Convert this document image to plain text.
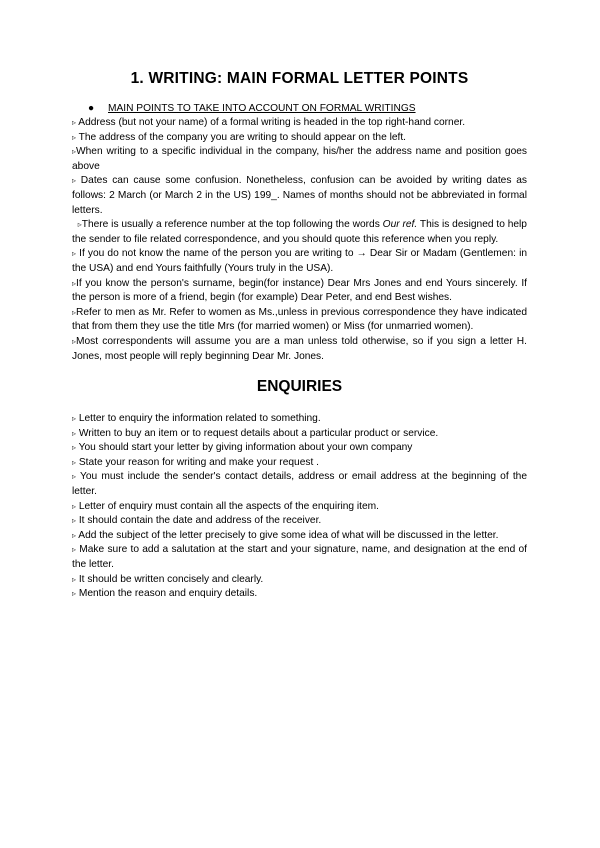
1. WRITING: MAIN FORMAL LETTER POINTS
● MAIN POINTS TO TAKE INTO ACCOUNT ON FORMAL WRITINGS

▹ Address (but not your name) of a formal writing is headed in the top right-hand corner.

▹ The address of the company you are writing to should appear on the left.

▹When writing to a specific individual in the company, his/her the address name and position goes above

▹ Dates can cause some confusion. Nonetheless, confusion can be avoided by writing dates as follows: 2 March (or March 2 in the US) 199_. Names of months should not be abbreviated in formal letters.

▹There is usually a reference number at the top following the words Our ref. This is designed to help the sender to file related correspondence, and you should quote this reference when you reply.

▹ If you do not know the name of the person you are writing to → Dear Sir or Madam (Gentlemen: in the USA) and end Yours faithfully (Yours truly in the USA).

▹If you know the person's surname, begin(for instance) Dear Mrs Jones and end Yours sincerely. If the person is more of a friend, begin (for example) Dear Peter, and end Best wishes.

▹Refer to men as Mr. Refer to women as Ms.,unless in previous correspondence they have indicated that from them they use the title Mrs (for married women) or Miss (for unmarried women).

▹Most correspondents will assume you are a man unless told otherwise, so if you sign a letter H. Jones, most people will reply beginning Dear Mr. Jones.

ENQUIRIES

▹ Letter to enquiry the information related to something.

▹ Written to buy an item or to request details about a particular product or service.

▹ You should start your letter by giving information about your own company

▹ State your reason for writing and make your request .

▹ You must include the sender's contact details, address or email address at the beginning of the letter.

▹ Letter of enquiry must contain all the aspects of the enquiring item.

▹ It should contain the date and address of the receiver.

▹ Add the subject of the letter precisely to give some idea of what will be discussed in the letter.

▹ Make sure to add a salutation at the start and your signature, name, and designation at the end of the letter.

▹ It should be written concisely and clearly.

▹ Mention the reason and enquiry details.
